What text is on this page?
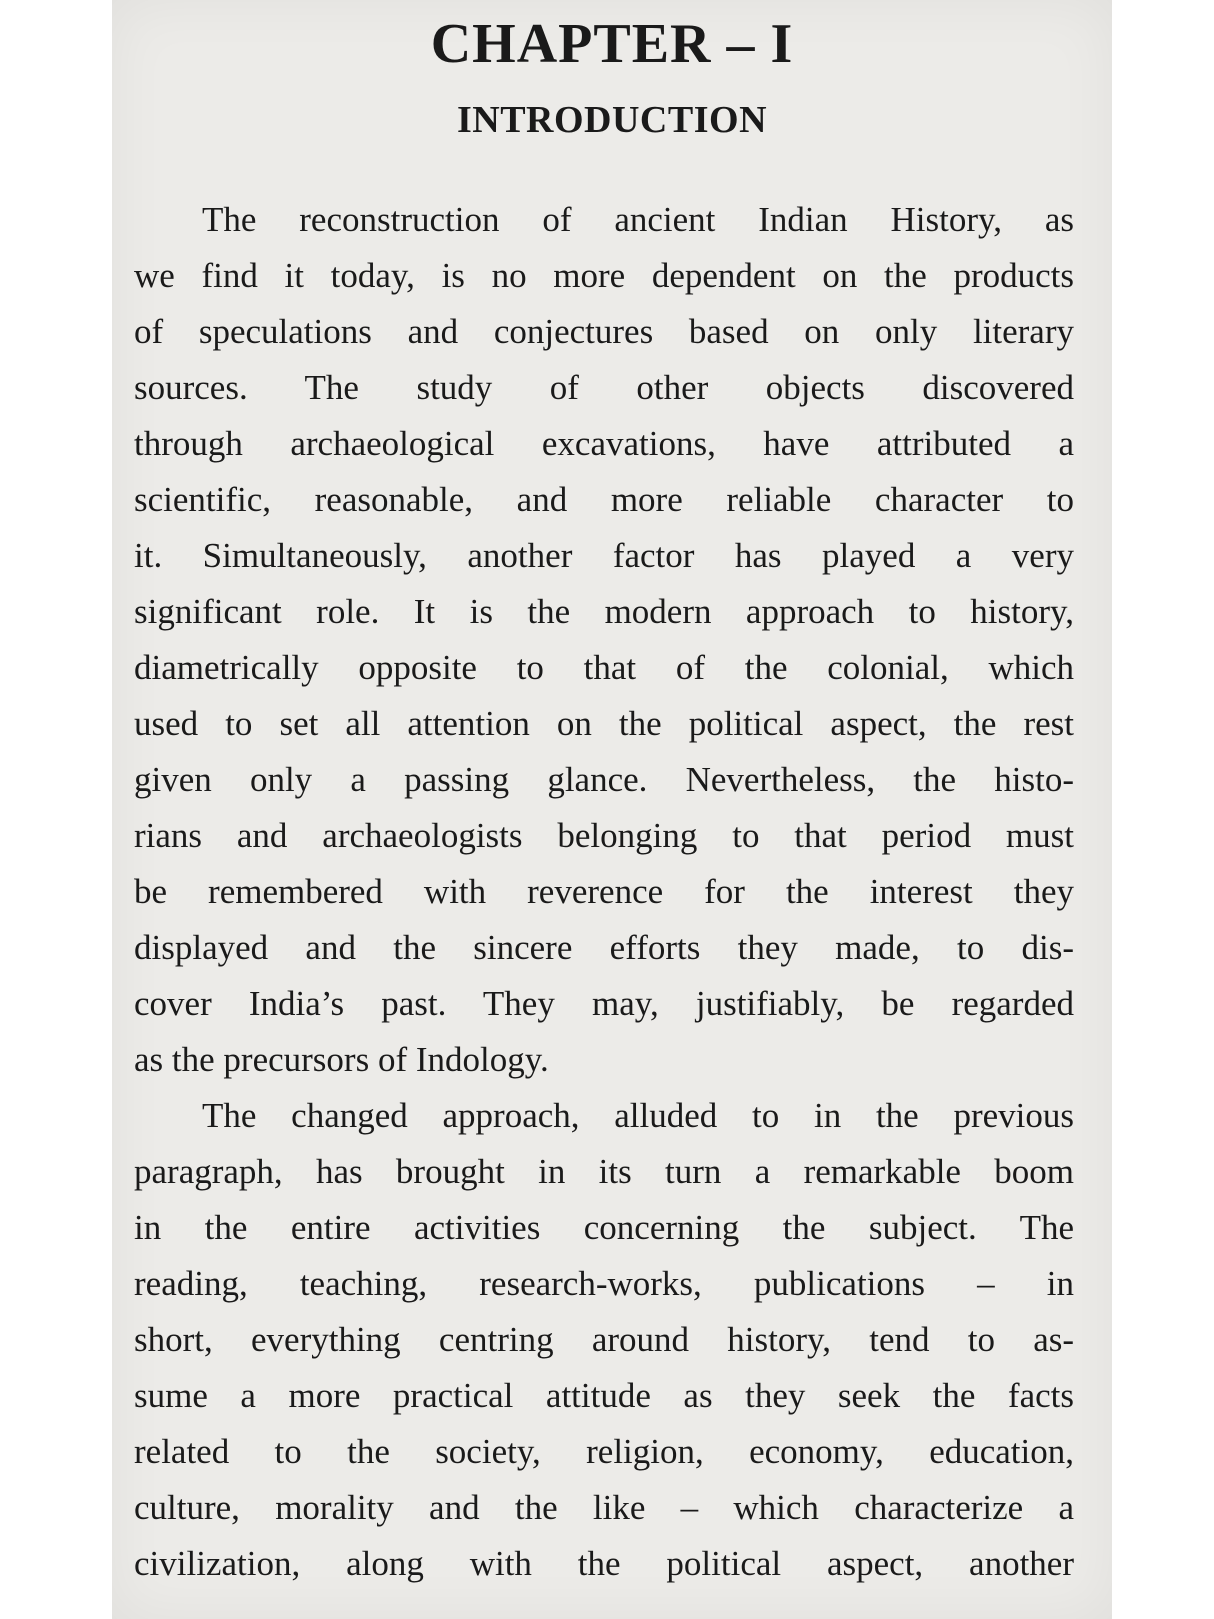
CHAPTER – I
INTRODUCTION
The reconstruction of ancient Indian History, as
we find it today, is no more dependent on the products
of speculations and conjectures based on only literary
sources. The study of other objects discovered
through archaeological excavations, have attributed a
scientific, reasonable, and more reliable character to
it. Simultaneously, another factor has played a very
significant role. It is the modern approach to history,
diametrically opposite to that of the colonial, which
used to set all attention on the political aspect, the rest
given only a passing glance. Nevertheless, the histo-
rians and archaeologists belonging to that period must
be remembered with reverence for the interest they
displayed and the sincere efforts they made, to dis-
cover India’s past. They may, justifiably, be regarded
as the precursors of Indology.
The changed approach, alluded to in the previous
paragraph, has brought in its turn a remarkable boom
in the entire activities concerning the subject. The
reading, teaching, research-works, publications – in
short, everything centring around history, tend to as-
sume a more practical attitude as they seek the facts
related to the society, religion, economy, education,
culture, morality and the like – which characterize a
civilization, along with the political aspect, another
